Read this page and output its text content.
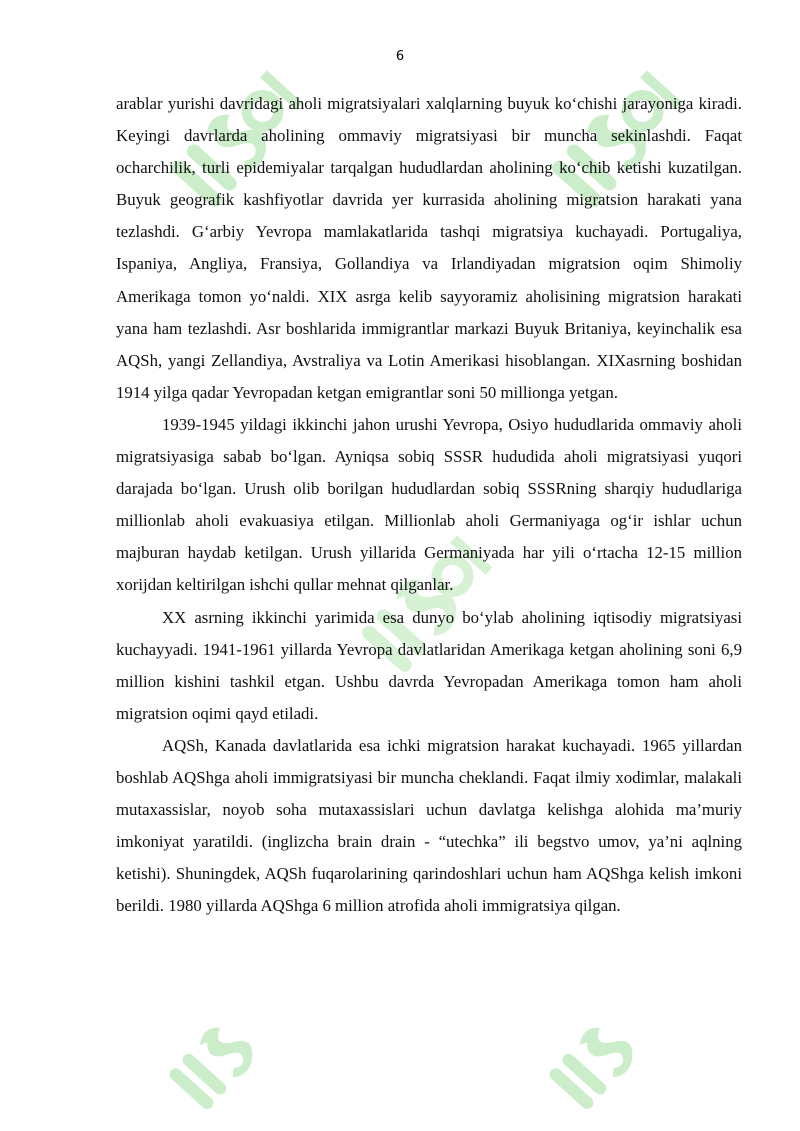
6

arablar yurishi davridagi aholi migratsiyalari xalqlarning buyuk ko‘chishi jarayoniga kiradi. Keyingi davrlarda aholining ommaviy migratsiyasi bir muncha sekinlashdi. Faqat ocharchilik, turli epidemiyalar tarqalgan hududlardan aholining ko‘chib ketishi kuzatilgan. Buyuk geografik kashfiyotlar davrida yer kurrasida aholining migratsion harakati yana tezlashdi. G‘arbiy Yevropa mamlakatlarida tashqi migratsiya kuchayadi. Portugaliya, Ispaniya, Angliya, Fransiya, Gollandiya va Irlandiyadan migratsion oqim Shimoliy Amerikaga tomon yo‘naldi. XIX asrga kelib sayyoramiz aholisining migratsion harakati yana ham tezlashdi. Asr boshlarida immigrantlar markazi Buyuk Britaniya, keyinchalik esa AQSh, yangi Zellandiya, Avstraliya va Lotin Amerikasi hisoblangan. XIXasrning boshidan 1914 yilga qadar Yevropadan ketgan emigrantlar soni 50 millionga yetgan.

1939-1945 yildagi ikkinchi jahon urushi Yevropa, Osiyo hududlarida ommaviy aholi migratsiyasiga sabab bo‘lgan. Ayniqsa sobiq SSSR hududida aholi migratsiyasi yuqori darajada bo‘lgan. Urush olib borilgan hududlardan sobiq SSSRning sharqiy hududlariga millionlab aholi evakuasiya etilgan. Millionlab aholi Germaniyaga og‘ir ishlar uchun majburan haydab ketilgan. Urush yillarida Germaniyada har yili o‘rtacha 12-15 million xorijdan keltirilgan ishchi qullar mehnat qilganlar.

XX asrning ikkinchi yarimida esa dunyo bo‘ylab aholining iqtisodiy migratsiyasi kuchayyadi. 1941-1961 yillarda Yevropa davlatlaridan Amerikaga ketgan aholining soni 6,9 million kishini tashkil etgan. Ushbu davrda Yevropadan Amerikaga tomon ham aholi migratsion oqimi qayd etiladi.

AQSh, Kanada davlatlarida esa ichki migratsion harakat kuchayadi. 1965 yillardan boshlab AQShga aholi immigratsiyasi bir muncha cheklandi. Faqat ilmiy xodimlar, malakali mutaxassislar, noyob soha mutaxassislari uchun davlatga kelishga alohida ma’muriy imkoniyat yaratildi. (inglizcha brain drain - “utechka” ili begstvo umov, ya’ni aqlning ketishi). Shuningdek, AQSh fuqarolarining qarindoshlari uchun ham AQShga kelish imkoni berildi. 1980 yillarda AQShga 6 million atrofida aholi immigratsiya qilgan.
